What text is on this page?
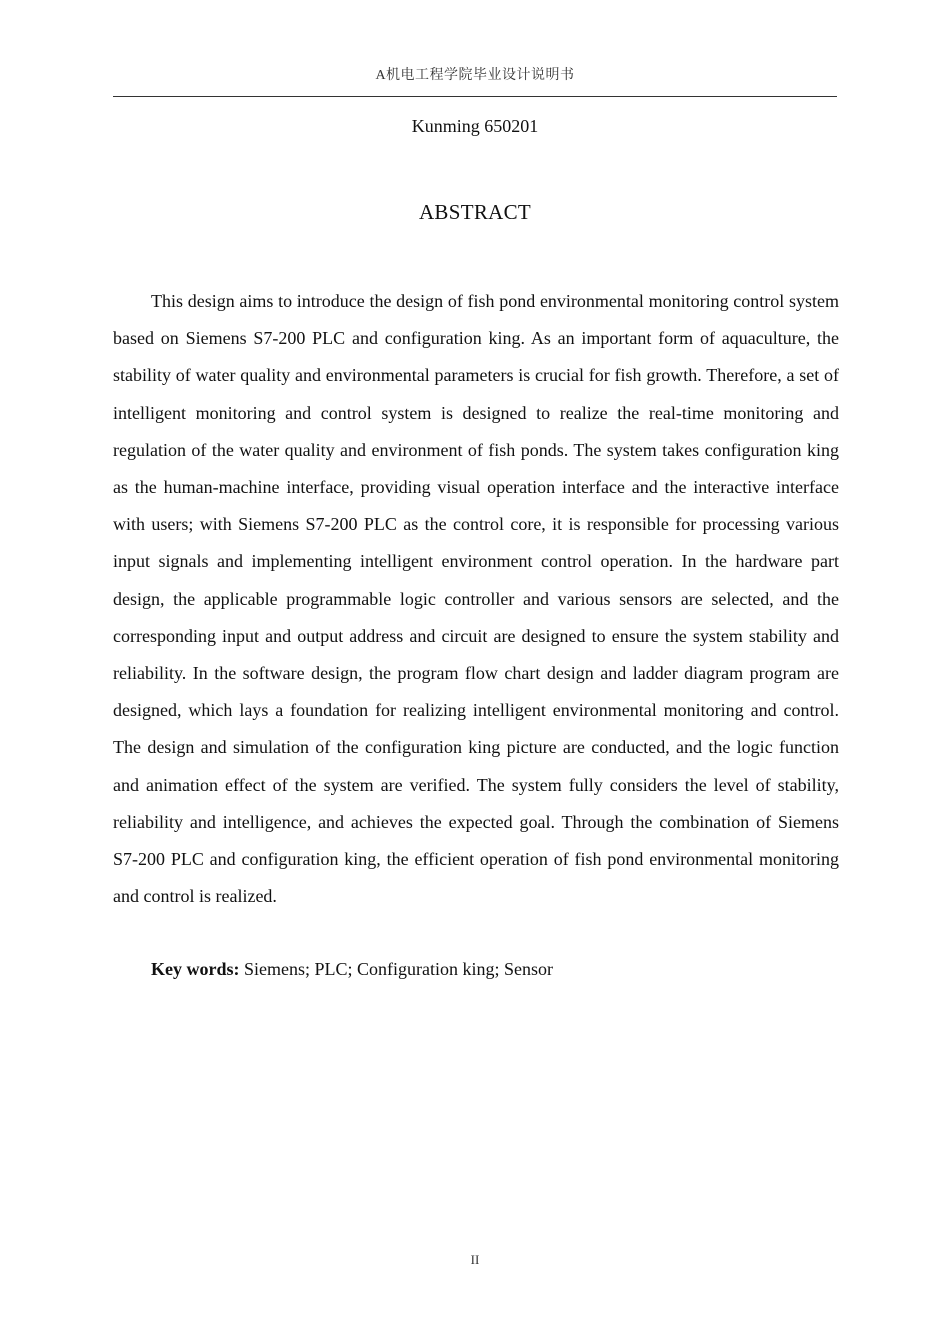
A机电工程学院毕业设计说明书
Kunming 650201
ABSTRACT

This design aims to introduce the design of fish pond environmental monitoring control system based on Siemens S7-200 PLC and configuration king. As an important form of aquaculture, the stability of water quality and environmental parameters is crucial for fish growth. Therefore, a set of intelligent monitoring and control system is designed to realize the real-time monitoring and regulation of the water quality and environment of fish ponds. The system takes configuration king as the human-machine interface, providing visual operation interface and the interactive interface with users; with Siemens S7-200 PLC as the control core, it is responsible for processing various input signals and implementing intelligent environment control operation. In the hardware part design, the applicable programmable logic controller and various sensors are selected, and the corresponding input and output address and circuit are designed to ensure the system stability and reliability. In the software design, the program flow chart design and ladder diagram program are designed, which lays a foundation for realizing intelligent environmental monitoring and control. The design and simulation of the configuration king picture are conducted, and the logic function and animation effect of the system are verified. The system fully considers the level of stability, reliability and intelligence, and achieves the expected goal. Through the combination of Siemens S7-200 PLC and configuration king, the efficient operation of fish pond environmental monitoring and control is realized.

Key words: Siemens; PLC; Configuration king; Sensor
II
